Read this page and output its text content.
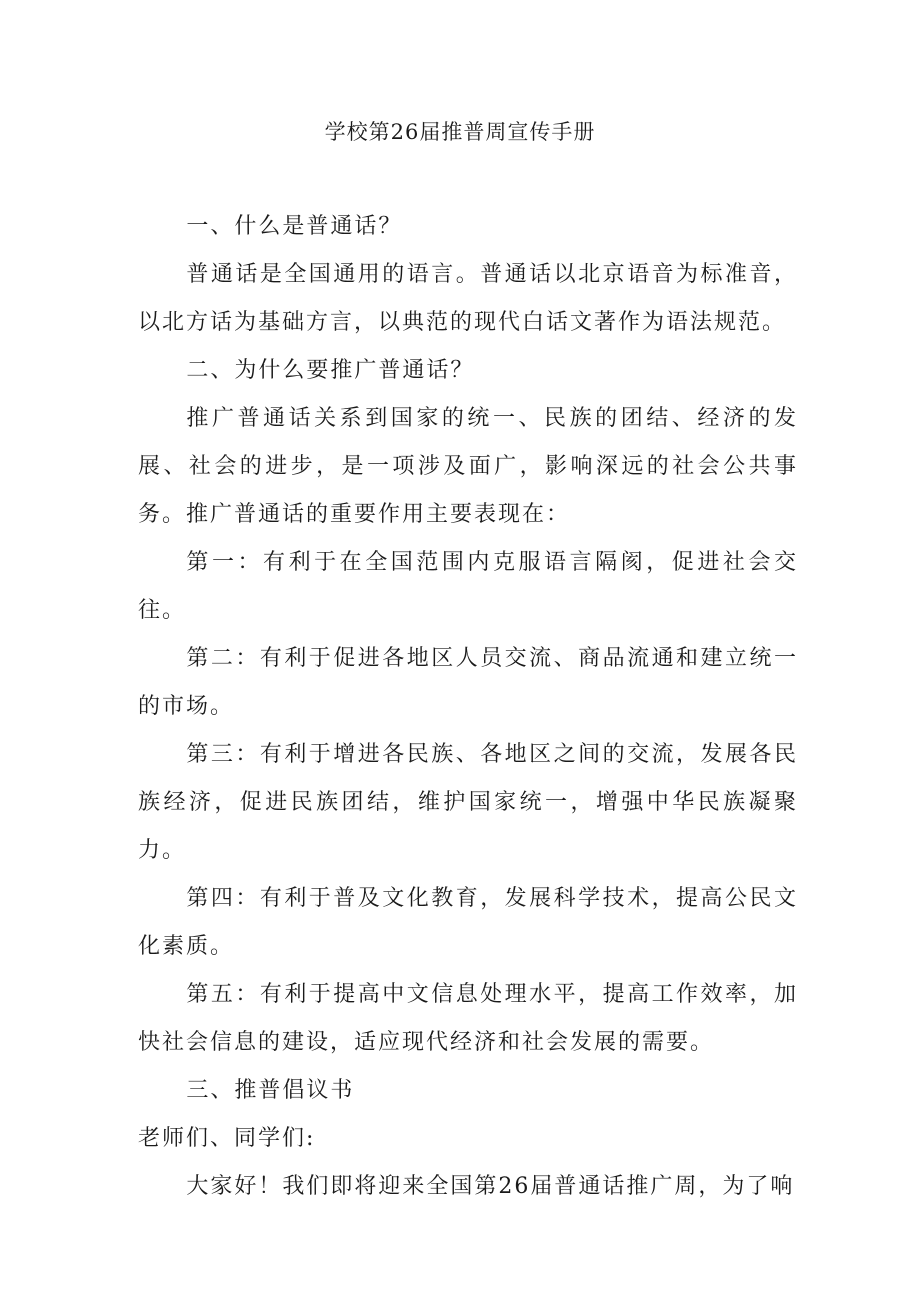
学校第26届推普周宣传手册

一、什么是普通话？

普通话是全国通用的语言。普通话以北京语音为标准音，以北方话为基础方言，以典范的现代白话文著作为语法规范。

二、为什么要推广普通话？

推广普通话关系到国家的统一、民族的团结、经济的发展、社会的进步，是一项涉及面广，影响深远的社会公共事务。推广普通话的重要作用主要表现在：

第一：有利于在全国范围内克服语言隔阂，促进社会交往。

第二：有利于促进各地区人员交流、商品流通和建立统一的市场。

第三：有利于增进各民族、各地区之间的交流，发展各民族经济，促进民族团结，维护国家统一，增强中华民族凝聚力。

第四：有利于普及文化教育，发展科学技术，提高公民文化素质。

第五：有利于提高中文信息处理水平，提高工作效率，加快社会信息的建设，适应现代经济和社会发展的需要。

三、推普倡议书

老师们、同学们:

大家好！我们即将迎来全国第26届普通话推广周，为了响
